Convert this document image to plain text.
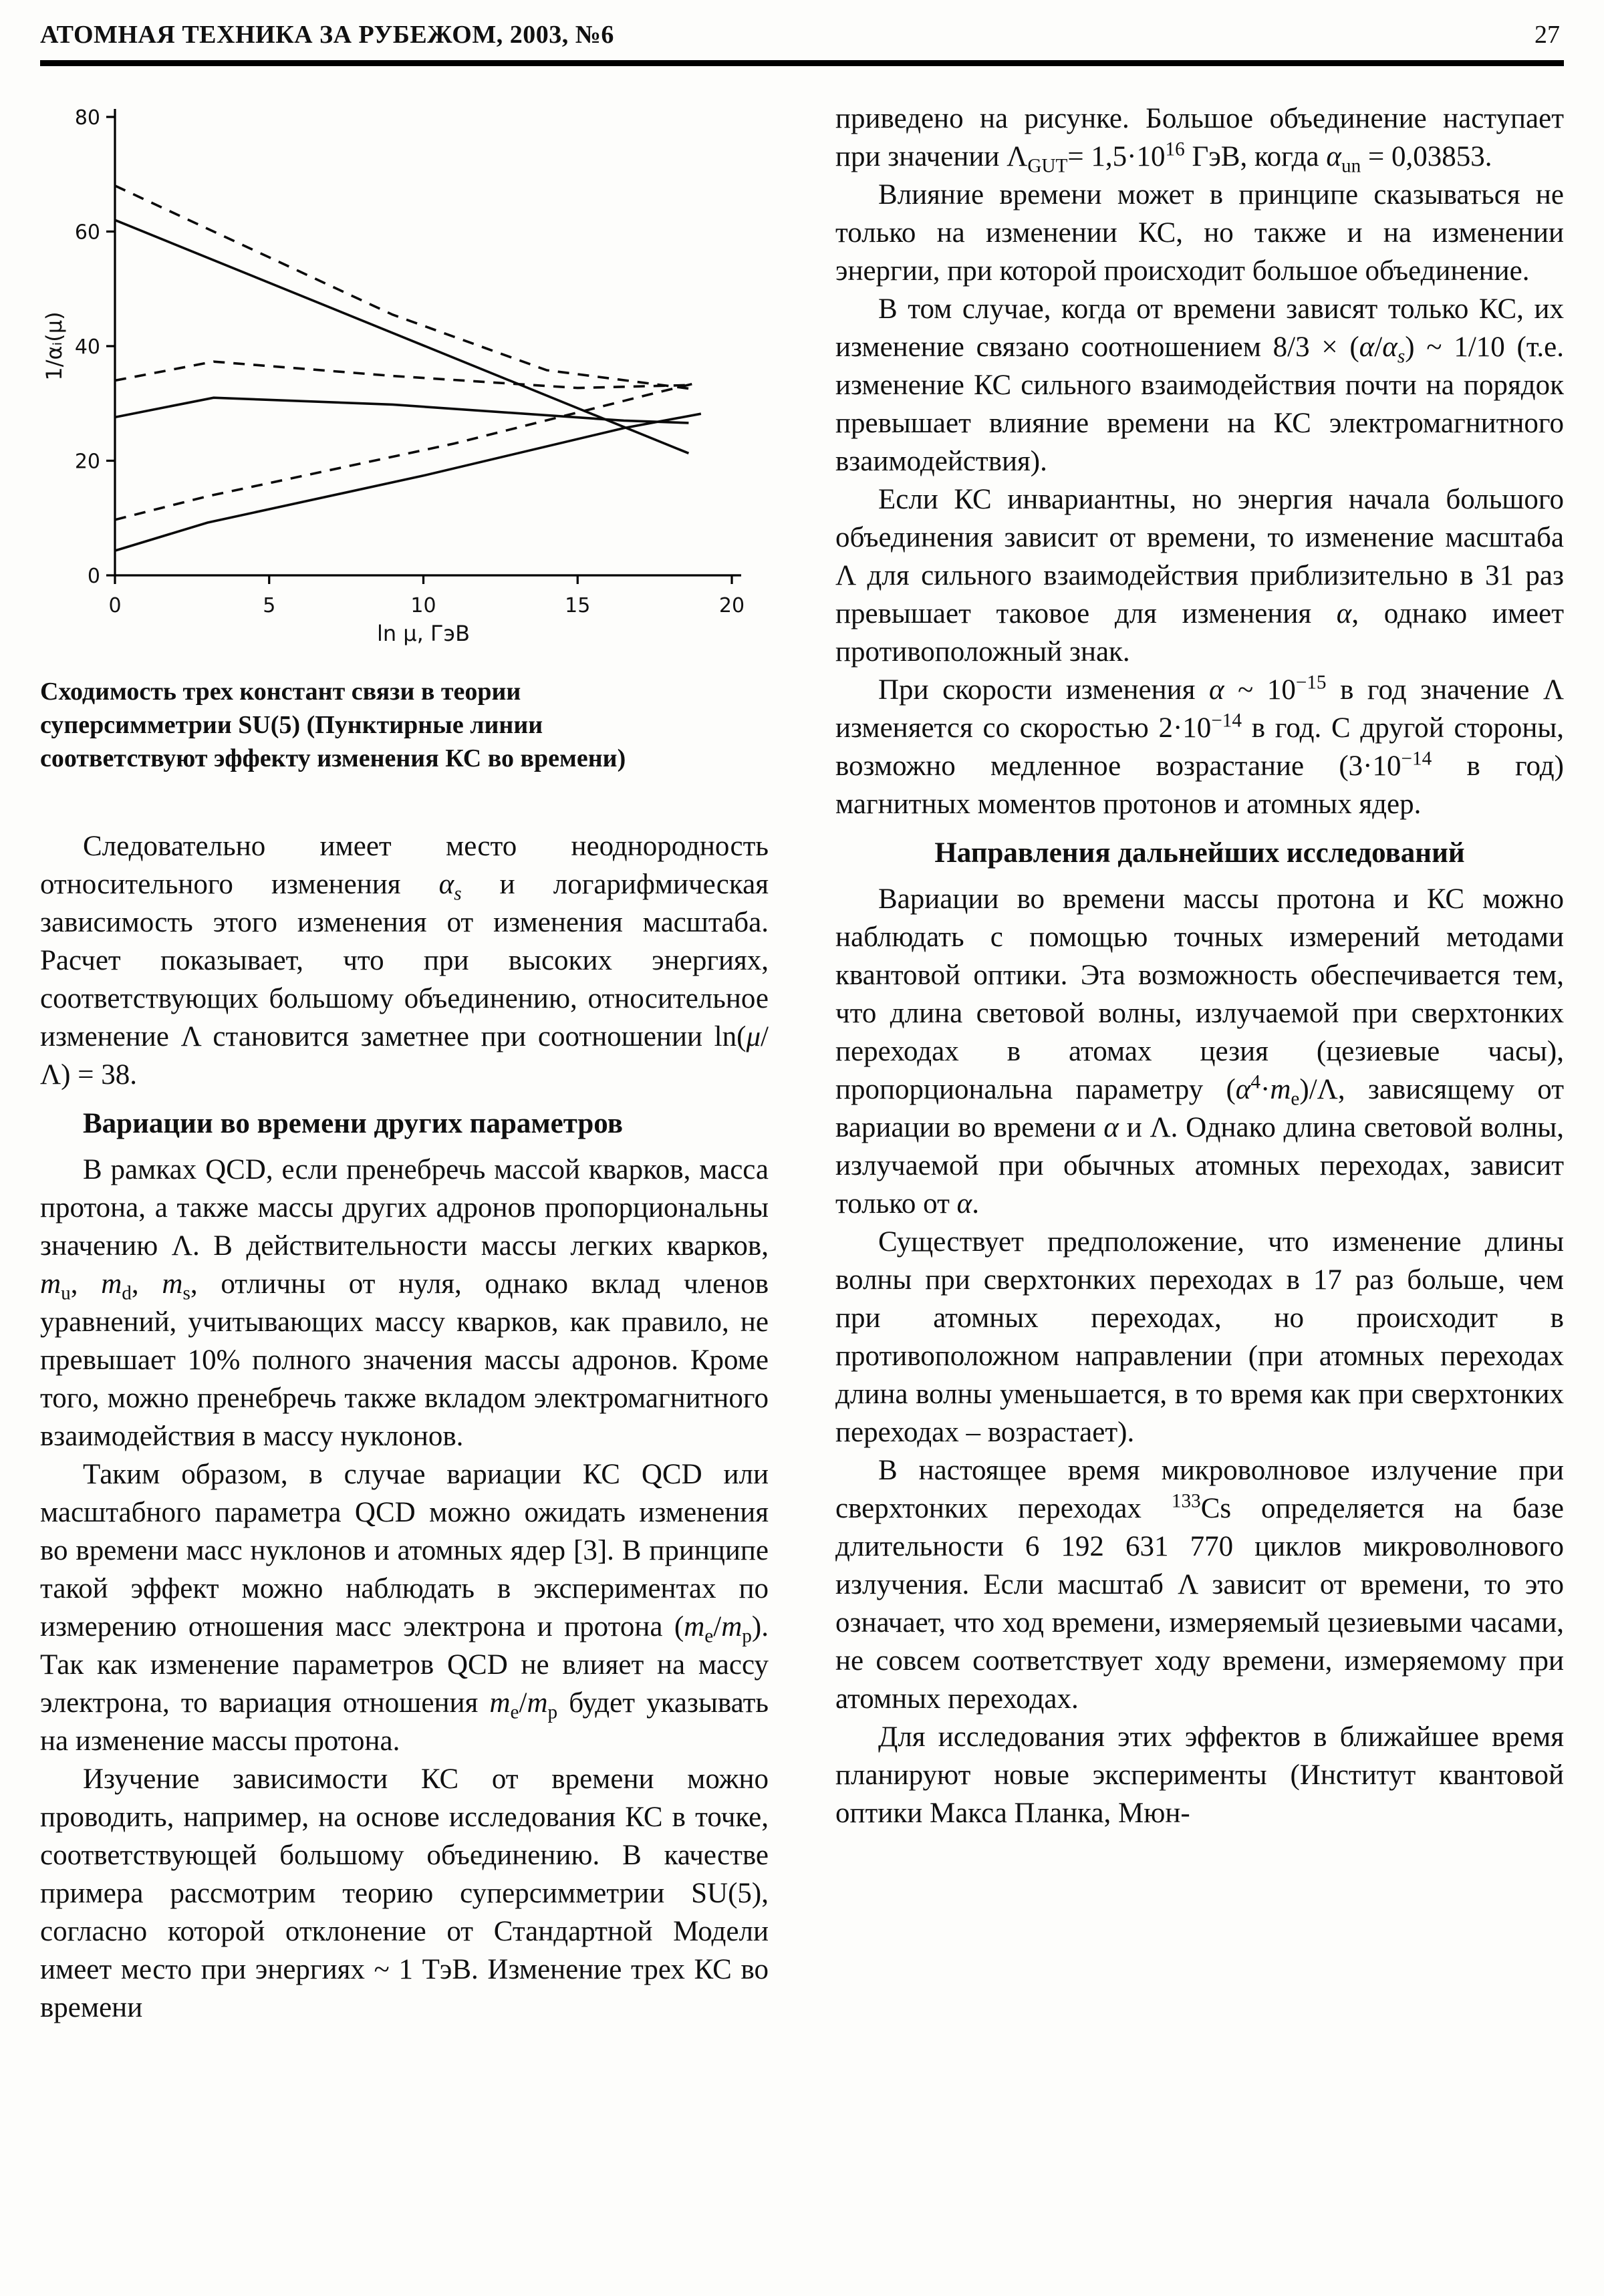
АТОМНАЯ ТЕХНИКА ЗА РУБЕЖОМ, 2003, №6	27
0
20
40
60
80
0	5	10	15	20
ln μ, ГэВ
1/αᵢ(μ)
Сходимость трех констант связи в теории суперсимметрии SU(5) (Пунктирные линии соответствуют эффекту изменения КС во времени)

Следовательно имеет место неоднородность относительного изменения $\alpha_s$ и логарифмическая зависимость этого изменения от изменения масштаба. Расчет показывает, что при высоких энергиях, соответствующих большому объединению, относительное изменение Λ становится заметнее при соотношении ln(μ/Λ) = 38.

Вариации во времени других параметров

В рамках QCD, если пренебречь массой кварков, масса протона, а также массы других адронов пропорциональны значению Λ. В действительности массы легких кварков, $m_u$, $m_d$, $m_s$, отличны от нуля, однако вклад членов уравнений, учитывающих массу кварков, как правило, не превышает 10% полного значения массы адронов. Кроме того, можно пренебречь также вкладом электромагнитного взаимодействия в массу нуклонов.

Таким образом, в случае вариации КС QCD или масштабного параметра QCD можно ожидать изменения во времени масс нуклонов и атомных ядер [3]. В принципе такой эффект можно наблюдать в экспериментах по измерению отношения масс электрона и протона $(m_e/m_p)$. Так как изменение параметров QCD не влияет на массу электрона, то вариация отношения $m_e/m_p$ будет указывать на изменение массы протона.

Изучение зависимости КС от времени можно проводить, например, на основе исследования КС в точке, соответствующей большому объединению. В качестве примера рассмотрим теорию суперсимметрии SU(5), согласно которой отклонение от Стандартной Модели имеет место при энергиях ~ 1 ТэВ. Изменение трех КС во времени

приведено на рисунке. Большое объединение наступает при значении $\Lambda_{GUT}= 1,5\cdot 10^{16}$ ГэВ, когда $\alpha_{un} = 0,03853$.

Влияние времени может в принципе сказываться не только на изменении КС, но также и на изменении энергии, при которой происходит большое объединение.

В том случае, когда от времени зависят только КС, их изменение связано соотношением $8/3 \times (\alpha/\alpha_s)$ ~ 1/10 (т.е. изменение КС сильного взаимодействия почти на порядок превышает влияние времени на КС электромагнитного взаимодействия).

Если КС инвариантны, но энергия начала большого объединения зависит от времени, то изменение масштаба Λ для сильного взаимодействия приблизительно в 31 раз превышает таковое для изменения α, однако имеет противоположный знак.

При скорости изменения α ~ $10^{-15}$ в год значение Λ изменяется со скоростью $2\cdot 10^{-14}$ в год. С другой стороны, возможно медленное возрастание ($3\cdot 10^{-14}$ в год) магнитных моментов протонов и атомных ядер.

Направления дальнейших исследований

Вариации во времени массы протона и КС можно наблюдать с помощью точных измерений методами квантовой оптики. Эта возможность обеспечивается тем, что длина световой волны, излучаемой при сверхтонких переходах в атомах цезия (цезиевые часы), пропорциональна параметру $(\alpha^4\cdot m_e)/\Lambda$, зависящему от вариации во времени α и Λ. Однако длина световой волны, излучаемой при обычных атомных переходах, зависит только от α.

Существует предположение, что изменение длины волны при сверхтонких переходах в 17 раз больше, чем при атомных переходах, но происходит в противоположном направлении (при атомных переходах длина волны уменьшается, в то время как при сверхтонких переходах – возрастает).

В настоящее время микроволновое излучение при сверхтонких переходах $^{133}$Cs определяется на базе длительности 6 192 631 770 циклов микроволнового излучения. Если масштаб Λ зависит от времени, то это означает, что ход времени, измеряемый цезиевыми часами, не совсем соответствует ходу времени, измеряемому при атомных переходах.

Для исследования этих эффектов в ближайшее время планируют новые эксперименты (Институт квантовой оптики Макса Планка, Мюн-
